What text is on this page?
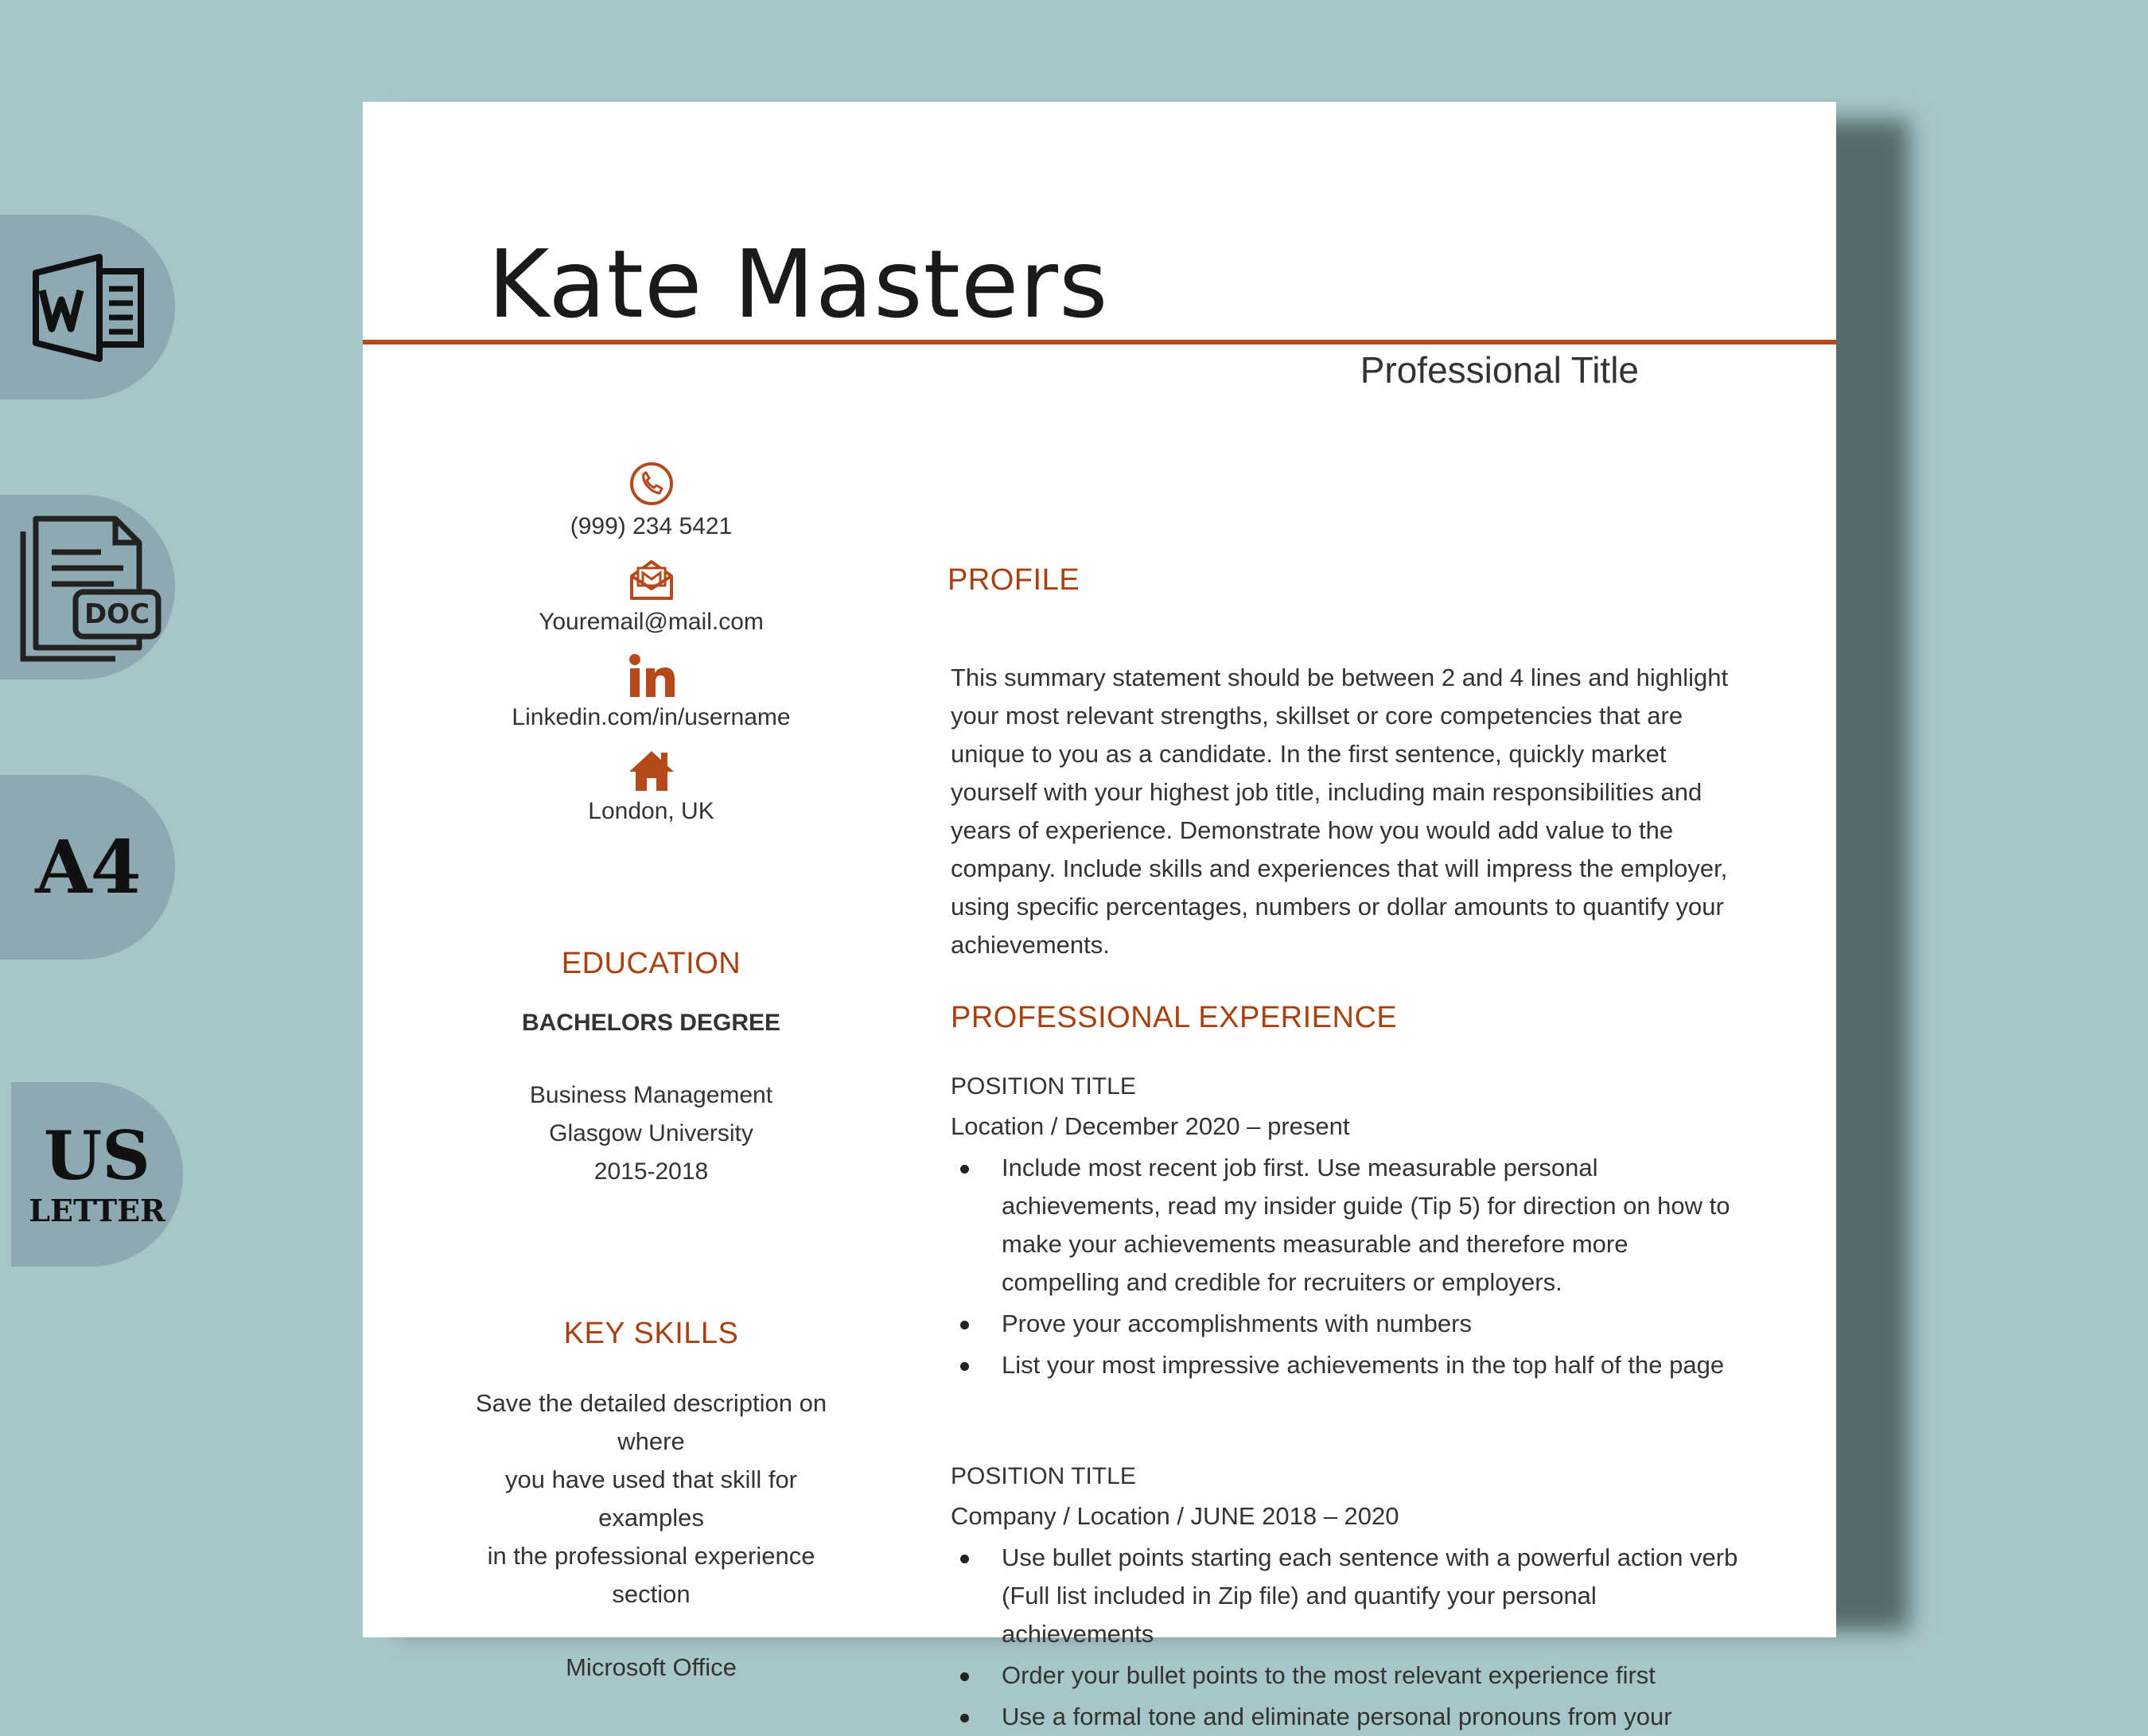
DOC
A4
US
LETTER
Kate Masters
Professional Title
(999) 234 5421
Youremail@mail.com
Linkedin.com/in/username
London, UK
EDUCATION
BACHELORS DEGREE
Business Management
Glasgow University
2015-2018
KEY SKILLS
Save the detailed description on where
you have used that skill for examples
in the professional experience section
Microsoft Office
PROFILE

This summary statement should be between 2 and 4 lines and highlight your most relevant strengths, skillset or core competencies that are unique to you as a candidate. In the first sentence, quickly market yourself with your highest job title, including main responsibilities and years of experience. Demonstrate how you would add value to the company. Include skills and experiences that will impress the employer, using specific percentages, numbers or dollar amounts to quantify your achievements.

PROFESSIONAL EXPERIENCE
POSITION TITLE
Location / December 2020 – present
Include most recent job first. Use measurable personal achievements, read my insider guide (Tip 5) for direction on how to make your achievements measurable and therefore more compelling and credible for recruiters or employers.
Prove your accomplishments with numbers
List your most impressive achievements in the top half of the page
POSITION TITLE
Company / Location / JUNE 2018 – 2020
Use bullet points starting each sentence with a powerful action verb (Full list included in Zip file) and quantify your personal achievements
Order your bullet points to the most relevant experience first
Use a formal tone and eliminate personal pronouns from your
